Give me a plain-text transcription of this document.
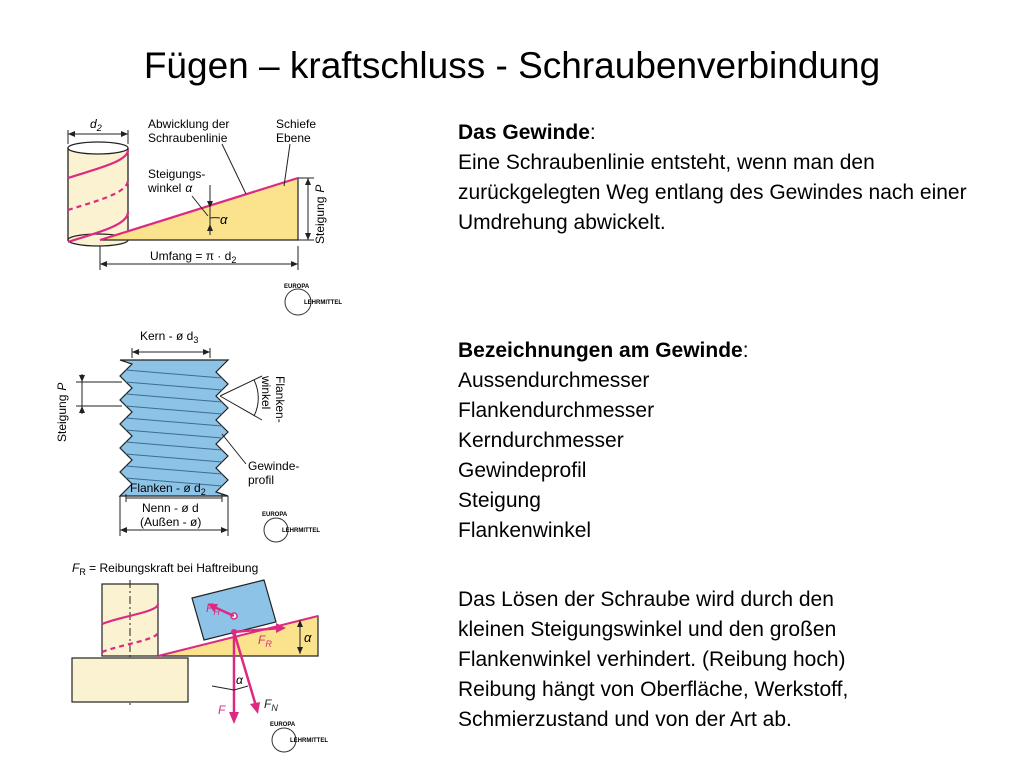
Fügen – kraftschluss - Schraubenverbindung

Das Gewinde:

Eine Schraubenlinie entsteht, wenn man den zurückgelegten Weg entlang des Gewindes nach einer Umdrehung abwickelt.

Bezeichnungen am Gewinde:

Aussendurchmesser

Flankendurchmesser

Kerndurchmesser

Gewindeprofil

Steigung

Flankenwinkel

Das Lösen der Schraube wird durch den

kleinen Steigungswinkel und den großen

Flankenwinkel verhindert. (Reibung hoch)

Reibung hängt von Oberfläche, Werkstoff,

Schmierzustand und von der Art ab.

$d_2$
α
Abwicklung der Schraubenlinie
Schiefe Ebene
Steigungs-winkel α
SteigungP
Umfang = $\pi \cdot d_2$
EUROPA
LEHRMITTEL
Kern - ø $d_3$
SteigungP	Flanken-winkel
Gewinde-profil
Flanken - ø $d_2$
Nenn - ø d
(Außen - ø)	EUROPA
LEHRMITTEL
$F_R$ = Reibungskraft bei Haftreibung
α
α
$F_H$
$F_R$
F	$F_N$
EUROPA
LEHRMITTEL
